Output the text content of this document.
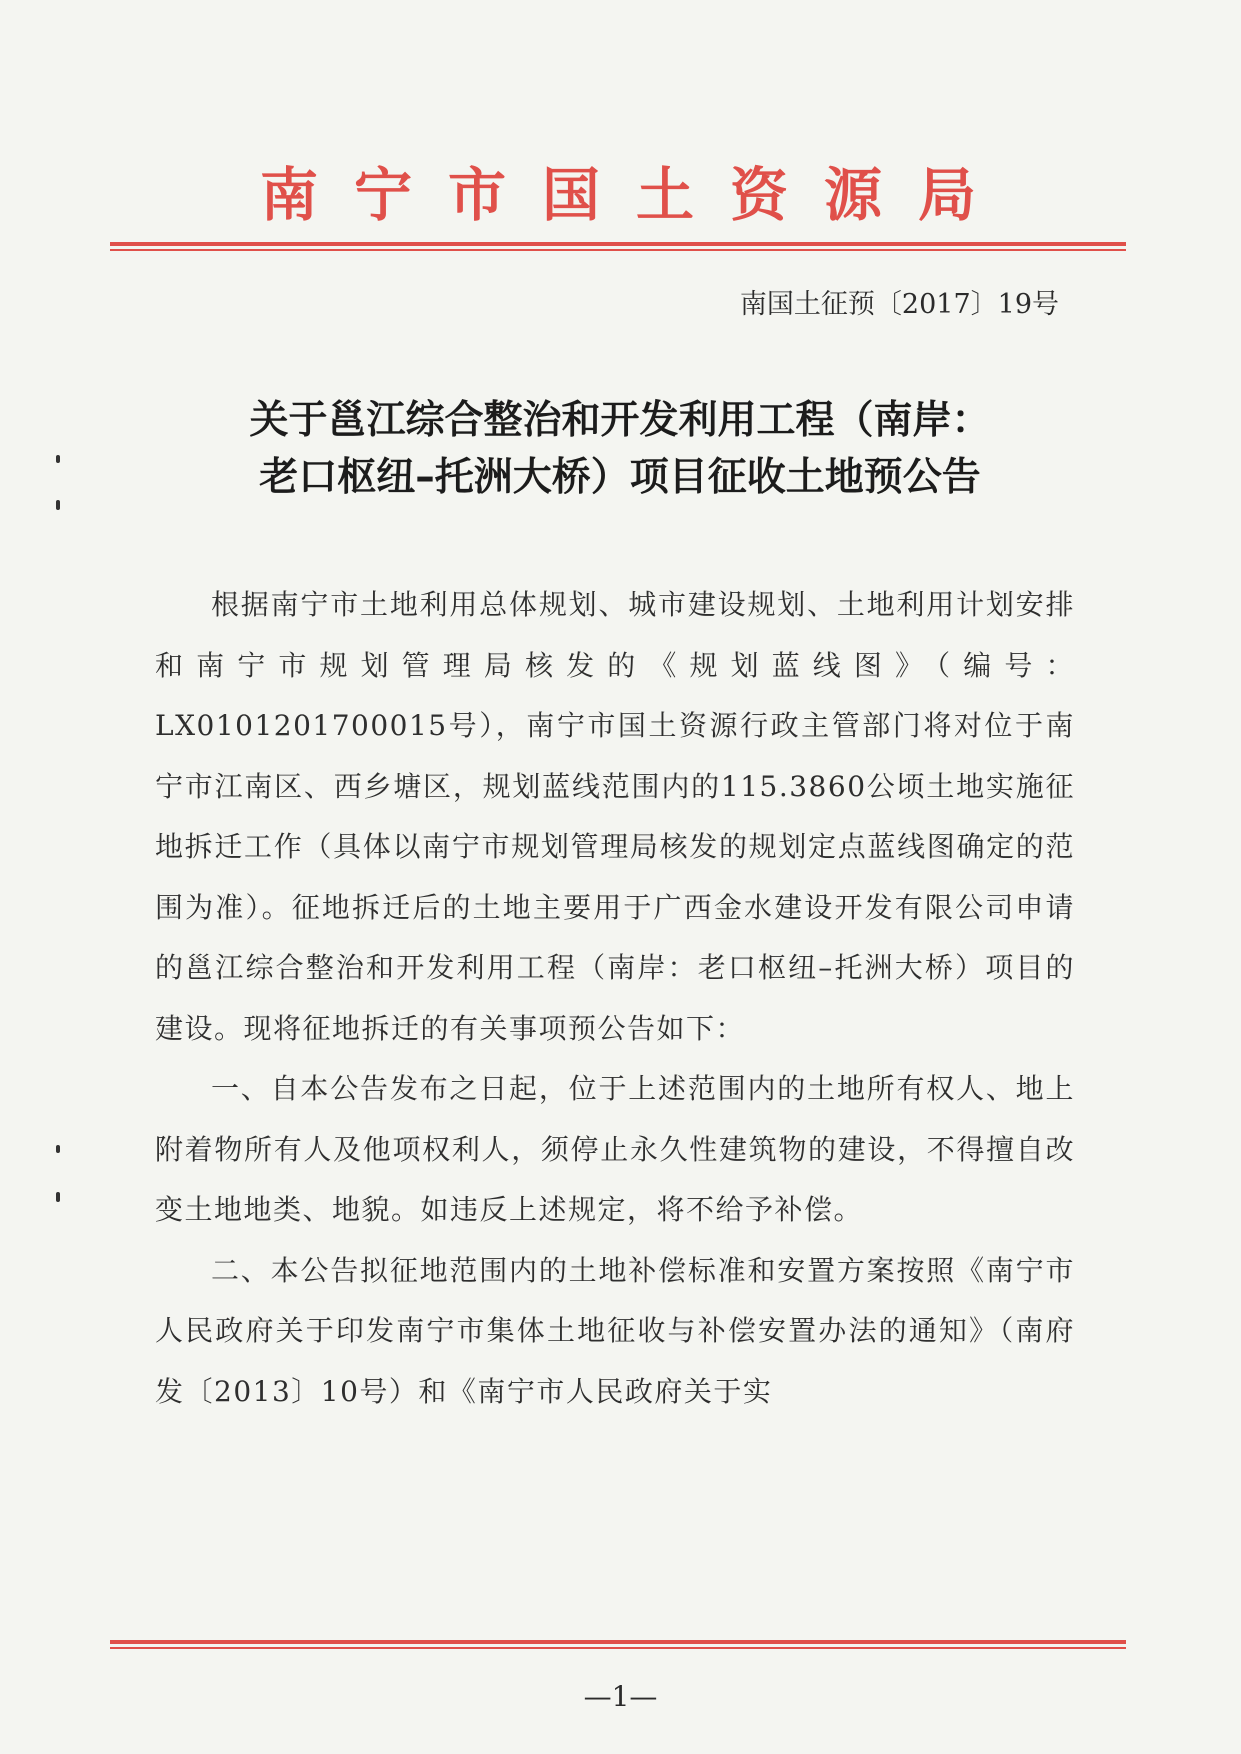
南宁市国土资源局
南国土征预〔2017〕19号
关于邕江综合整治和开发利用工程（南岸：
老口枢纽–托洲大桥）项目征收土地预公告

根据南宁市土地利用总体规划、城市建设规划、土地利用计划安排和南宁市规划管理局核发的《规划蓝线图》（编号：LX0101201700015号），南宁市国土资源行政主管部门将对位于南宁市江南区、西乡塘区，规划蓝线范围内的115.3860公顷土地实施征地拆迁工作（具体以南宁市规划管理局核发的规划定点蓝线图确定的范围为准）。征地拆迁后的土地主要用于广西金水建设开发有限公司申请的邕江综合整治和开发利用工程（南岸：老口枢纽–托洲大桥）项目的建设。现将征地拆迁的有关事项预公告如下：

一、自本公告发布之日起，位于上述范围内的土地所有权人、地上附着物所有人及他项权利人，须停止永久性建筑物的建设，不得擅自改变土地地类、地貌。如违反上述规定，将不给予补偿。

二、本公告拟征地范围内的土地补偿标准和安置方案按照《南宁市人民政府关于印发南宁市集体土地征收与补偿安置办法的通知》（南府发〔2013〕10号）和《南宁市人民政府关于实

—1—
